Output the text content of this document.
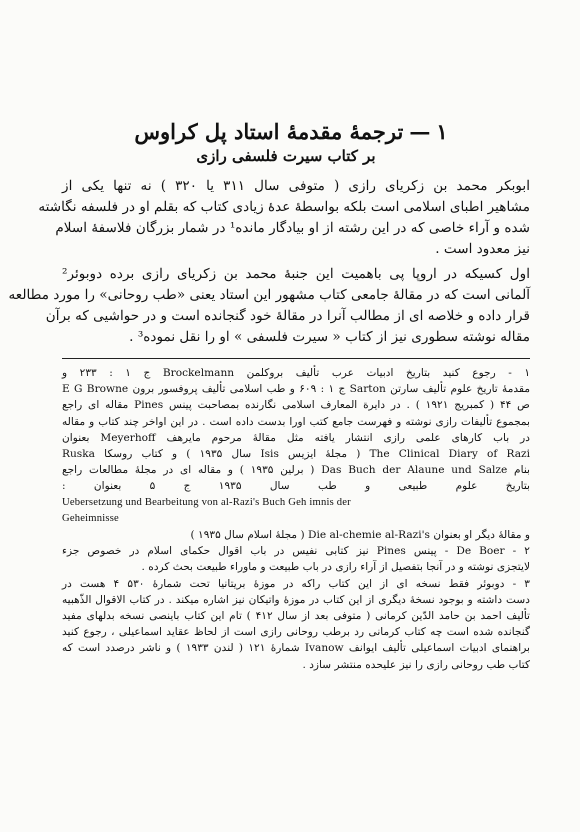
۱
—
ترجمهٔ مقدمهٔ استاد پل کراوس
بر کتاب سیرت فلسفی رازی
ابوبکر محمد بن زکریای رازی ( متوفی سال ۳۱۱ یا ۳۲۰ ) نه تنها یکی از
مشاهیر اطبای اسلامی است بلکه بواسطهٔ عدهٔ زیادی کتاب که بقلم او در فلسفه نگاشته
شده و آراء خاصی که در این رشته از او بیادگار مانده¹ در شمار بزرگان فلاسفهٔ اسلام
نیز معدود است .
اول کسیکه در اروپا پی باهمیت این جنبهٔ محمد بن زکریای رازی برده دوبوئر²
آلمانی است که در مقالهٔ جامعی کتاب مشهور این استاد یعنی «طب روحانی» را مورد مطالعه
قرار داده و خلاصه ای از مطالب آنرا در مقالهٔ خود گنجانده است و در حواشیی که برآن
مقاله نوشته سطوری نیز از کتاب « سیرت فلسفی » او را نقل نموده³ .
۱ - رجوع کنید بتاریخ ادبیات عرب تألیف بروکلمن Brockelmann ج ۱ : ۲۳۳ و
مقدمهٔ تاریخ علوم تألیف سارتن Sarton ج ۱ : ۶۰۹ و طب اسلامی تألیف پروفسور برون E G Browne
ص ۴۴ ( کمبریج ۱۹۲۱ ) . در دایرة المعارف اسلامی نگارنده بمصاحبت پینس Pines مقاله ای راجع
بمجموع تألیفات رازی نوشته و فهرست جامع کتب اورا بدست داده است . در این اواخر چند کتاب و مقاله
در باب کارهای علمی رازی انتشار یافته مثل مقالهٔ مرحوم مایرهف Meyerhoff بعنوان
The Clinical Diary of Razi ( مجلهٔ ایزیس Isis سال ۱۹۳۵ ) و کتاب روسکا Ruska
بنام Das Buch der Alaune und Salze ( برلین ۱۹۳۵ ) و مقاله ای در مجلهٔ مطالعات راجع
بتاریخ علوم طبیعی و طب سال ۱۹۳۵ ج ۵ بعنوان :
Uebersetzung und Bearbeitung von al-Razi's Buch Geh imnis der
Geheimnisse
و مقالهٔ دیگر او بعنوان Die al-chemie al-Razi's ( مجلهٔ اسلام سال ۱۹۳۵ )
۲ - De Boer - پینس Pines نیز کتابی نفیس در باب اقوال حکمای اسلام در خصوص جزء
لایتجزی نوشته و در آنجا بتفصیل از آراء رازی در باب طبیعت و ماوراء طبیعت بحث کرده .
۳ - دوبوئر فقط نسخه ای از این کتاب راکه در موزهٔ بریتانیا تحت شمارهٔ ۵۳۰ ۴ هست در
دست داشته و بوجود نسخهٔ دیگری از این کتاب در موزهٔ واتیکان نیز اشاره میکند . در کتاب الاقوال الذّهبیه
تألیف احمد بن حامد الدّین کرمانی ( متوفی بعد از سال ۴۱۲ ) تام این کتاب باینصی نسخه بدلهای مفید
گنجانده شده است چه کتاب کرمانی رد برطب روحانی رازی است از لحاظ عقاید اسماعیلی ، رجوع کنید
براهنمای ادبیات اسماعیلی تألیف ایوانف Ivanow شمارهٔ ۱۲۱ ( لندن ۱۹۳۳ ) و ناشر درصدد است که
کتاب طب روحانی رازی را نیز علیحده منتشر سازد .
